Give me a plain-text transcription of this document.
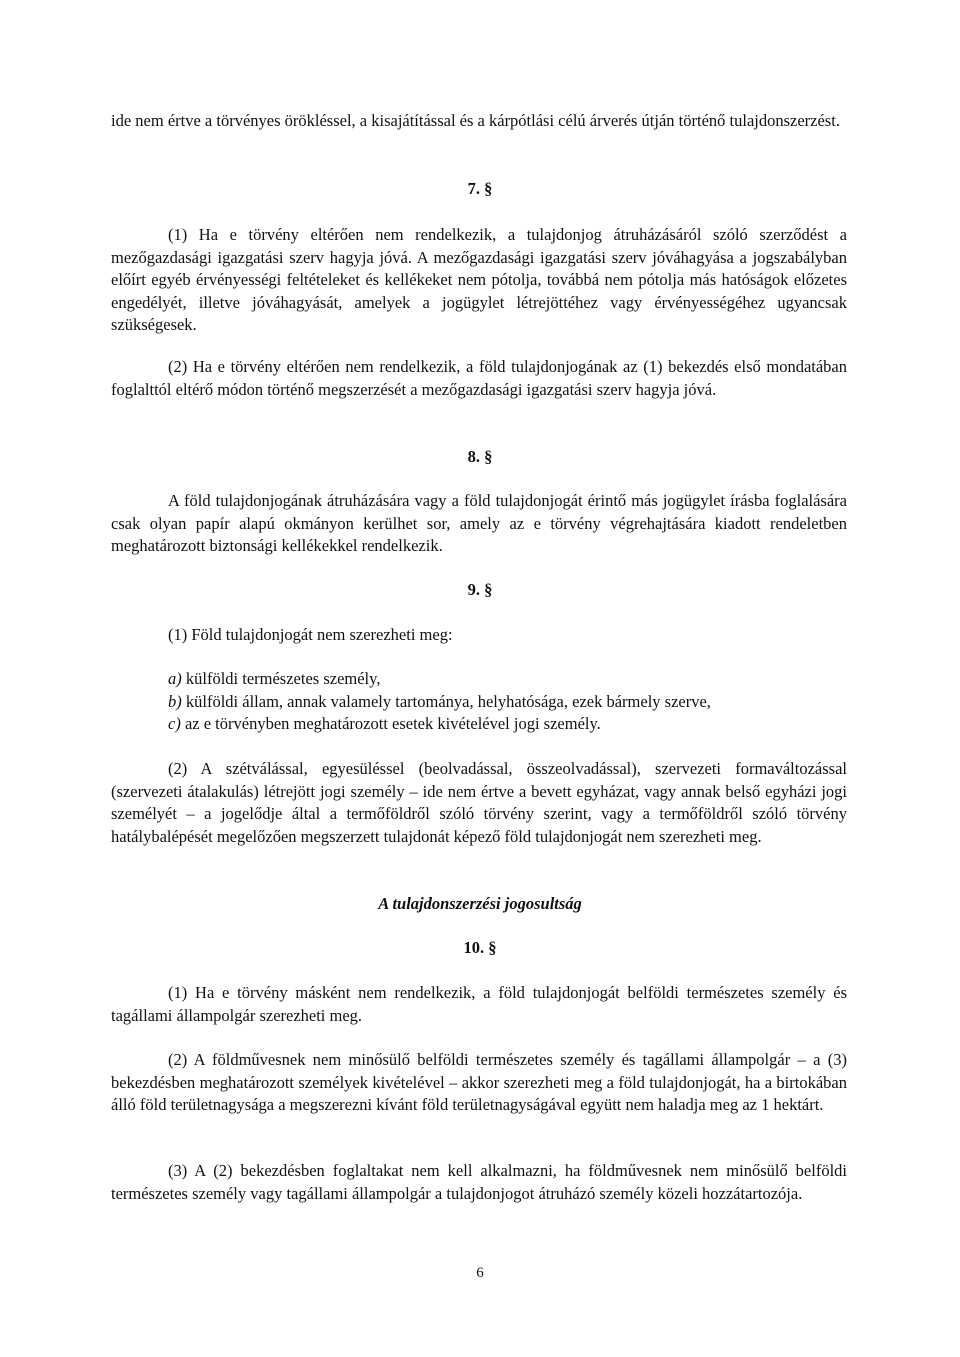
ide nem értve a törvényes örökléssel, a kisajátítással és a kárpótlási célú árverés útján történő tulajdonszerzést.

7. §

(1) Ha e törvény eltérően nem rendelkezik, a tulajdonjog átruházásáról szóló szerződést a mezőgazdasági igazgatási szerv hagyja jóvá. A mezőgazdasági igazgatási szerv jóváhagyása a jogszabályban előírt egyéb érvényességi feltételeket és kellékeket nem pótolja, továbbá nem pótolja más hatóságok előzetes engedélyét, illetve jóváhagyását, amelyek a jogügylet létrejöttéhez vagy érvényességéhez ugyancsak szükségesek.

(2) Ha e törvény eltérően nem rendelkezik, a föld tulajdonjogának az (1) bekezdés első mondatában foglalttól eltérő módon történő megszerzését a mezőgazdasági igazgatási szerv hagyja jóvá.

8. §

A föld tulajdonjogának átruházására vagy a föld tulajdonjogát érintő más jogügylet írásba foglalására csak olyan papír alapú okmányon kerülhet sor, amely az e törvény végrehajtására kiadott rendeletben meghatározott biztonsági kellékekkel rendelkezik.

9. §

(1) Föld tulajdonjogát nem szerezheti meg:

a) külföldi természetes személy,

b) külföldi állam, annak valamely tartománya, helyhatósága, ezek bármely szerve,

c) az e törvényben meghatározott esetek kivételével jogi személy.

(2) A szétválással, egyesüléssel (beolvadással, összeolvadással), szervezeti formaváltozással (szervezeti átalakulás) létrejött jogi személy – ide nem értve a bevett egyházat, vagy annak belső egyházi jogi személyét – a jogelődje által a termőföldről szóló törvény szerint, vagy a termőföldről szóló törvény hatálybalépését megelőzően megszerzett tulajdonát képező föld tulajdonjogát nem szerezheti meg.

A tulajdonszerzési jogosultság

10. §

(1) Ha e törvény másként nem rendelkezik, a föld tulajdonjogát belföldi természetes személy és tagállami állampolgár szerezheti meg.

(2) A földművesnek nem minősülő belföldi természetes személy és tagállami állampolgár – a (3) bekezdésben meghatározott személyek kivételével – akkor szerezheti meg a föld tulajdonjogát, ha a birtokában álló föld területnagysága a megszerezni kívánt föld területnagyságával együtt nem haladja meg az 1 hektárt.

(3) A (2) bekezdésben foglaltakat nem kell alkalmazni, ha földművesnek nem minősülő belföldi természetes személy vagy tagállami állampolgár a tulajdonjogot átruházó személy közeli hozzátartozója.

6
